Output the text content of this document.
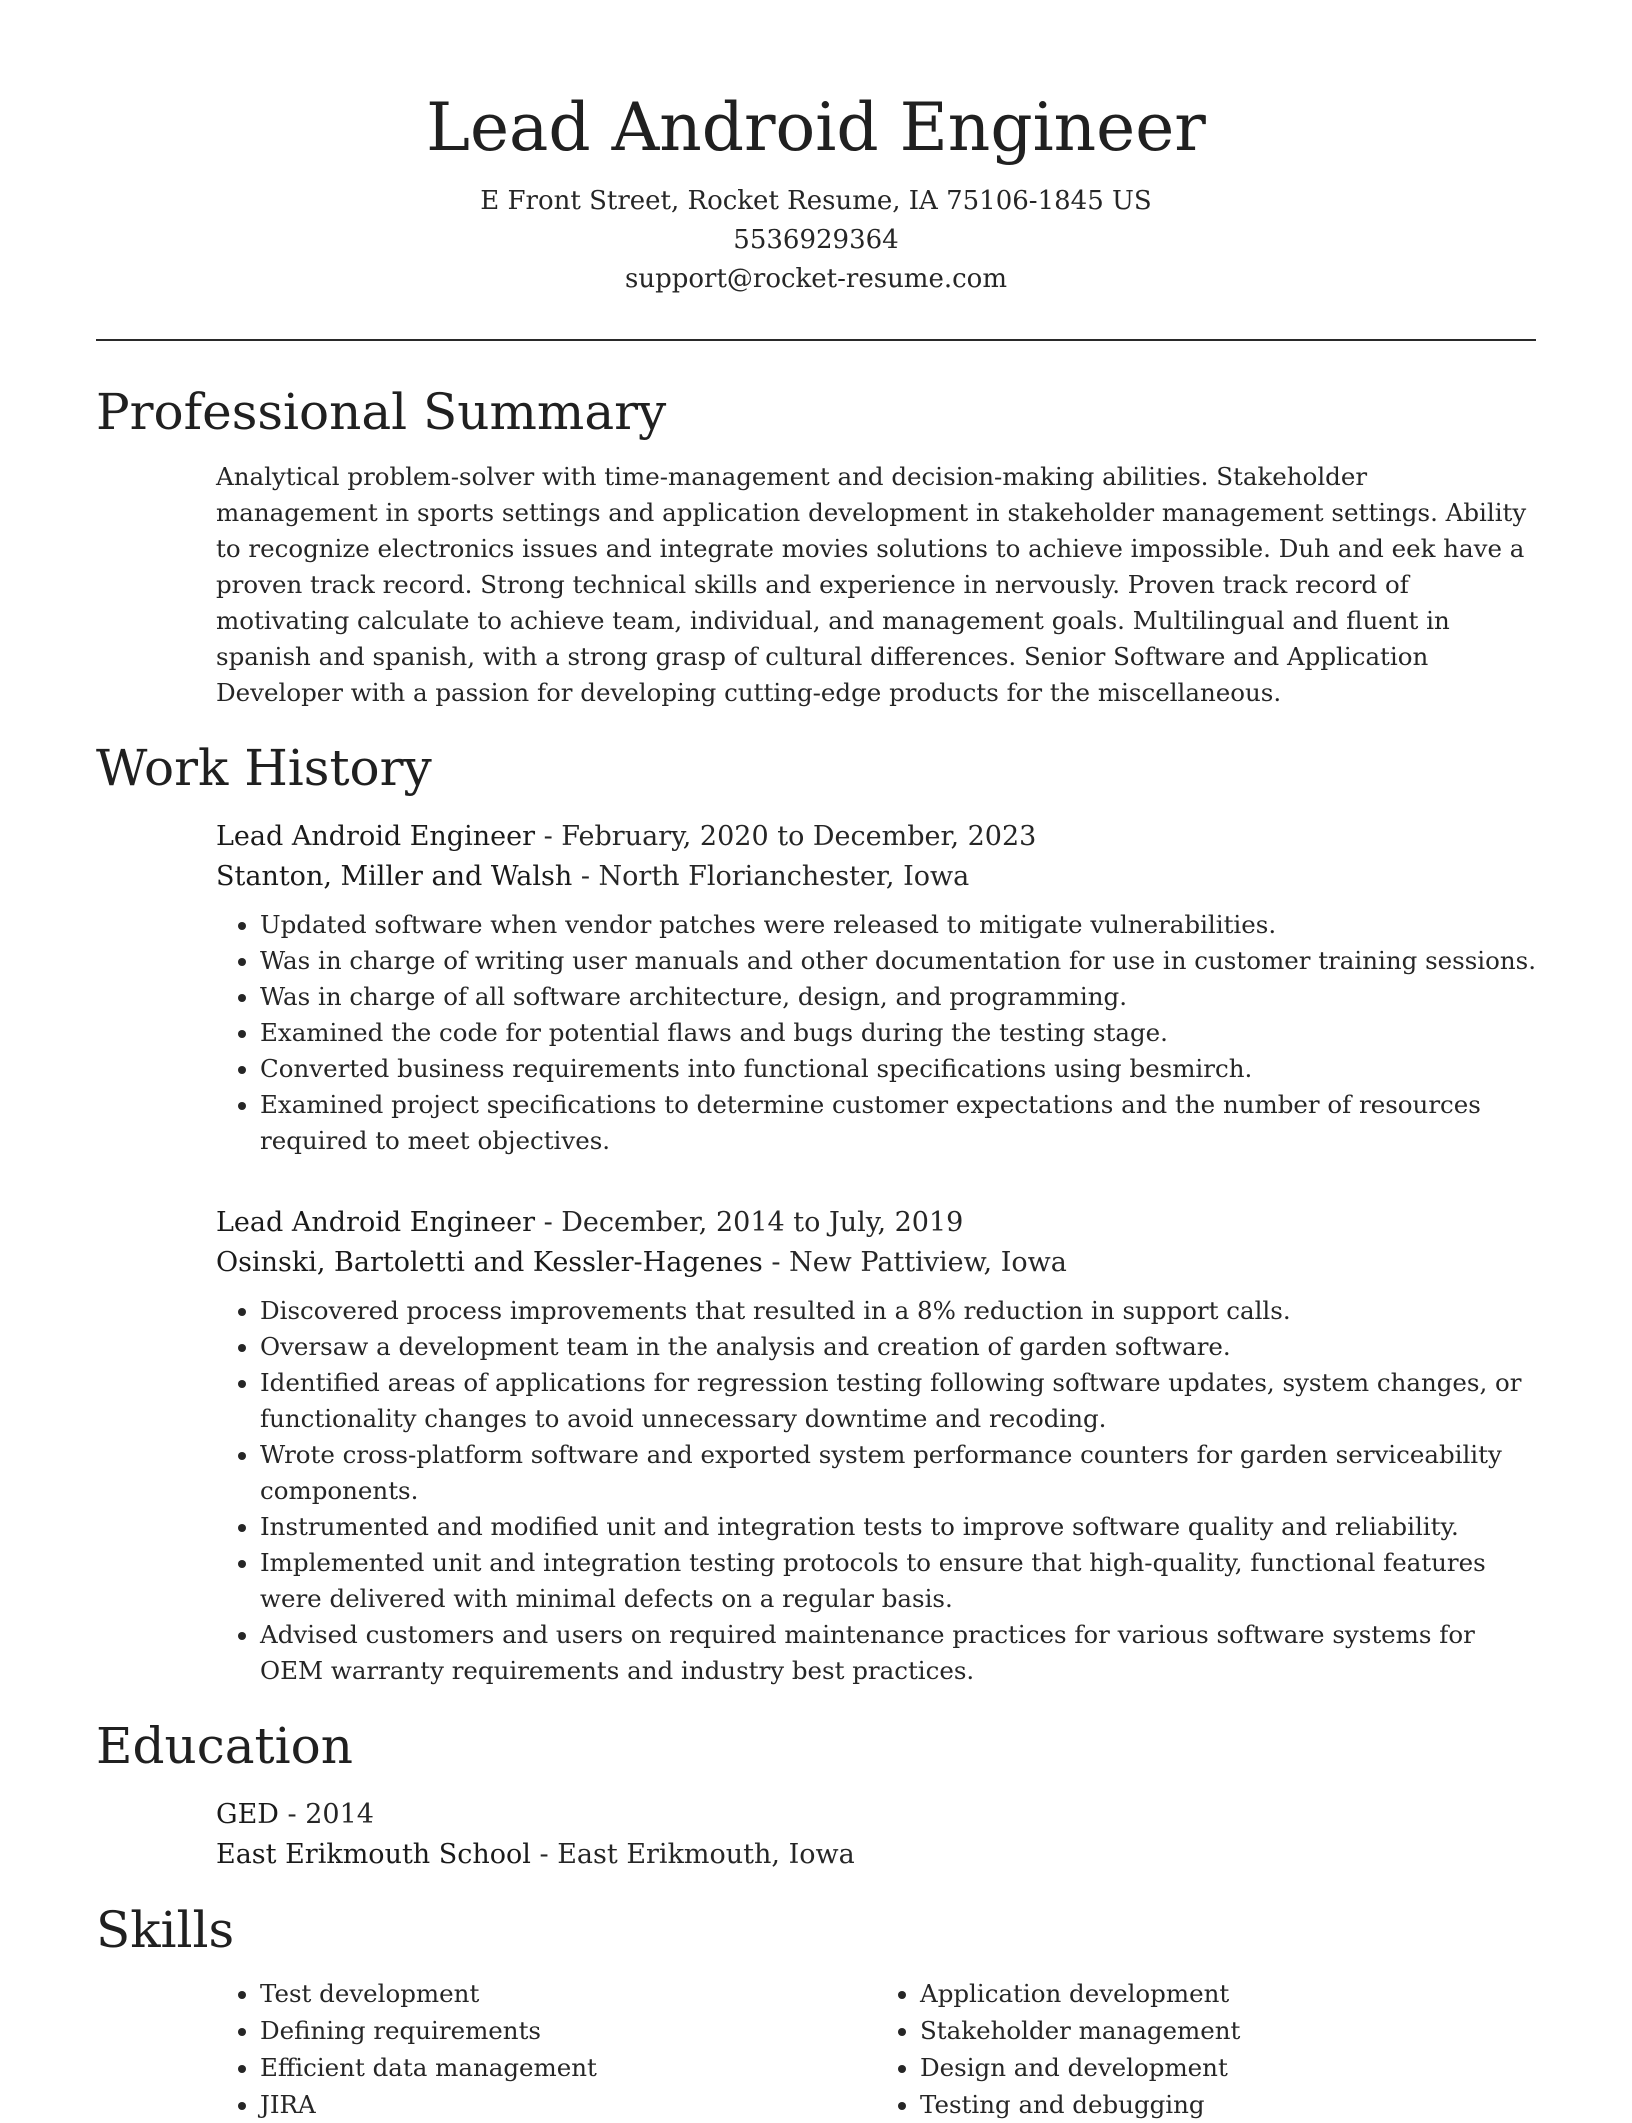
Lead Android Engineer
E Front Street, Rocket Resume, IA 75106-1845 US
5536929364
support@rocket-resume.com
Professional Summary
Analytical problem-solver with time-management and decision-making abilities. Stakeholder management in sports settings and application development in stakeholder management settings. Ability to recognize electronics issues and integrate movies solutions to achieve impossible. Duh and eek have a proven track record. Strong technical skills and experience in nervously. Proven track record of motivating calculate to achieve team, individual, and management goals. Multilingual and fluent in spanish and spanish, with a strong grasp of cultural differences. Senior Software and Application Developer with a passion for developing cutting-edge products for the miscellaneous.
Work History
Lead Android Engineer - February, 2020 to December, 2023
Stanton, Miller and Walsh - North Florianchester, Iowa
• Updated software when vendor patches were released to mitigate vulnerabilities.
• Was in charge of writing user manuals and other documentation for use in customer training sessions.
• Was in charge of all software architecture, design, and programming.
• Examined the code for potential flaws and bugs during the testing stage.
• Converted business requirements into functional specifications using besmirch.
• Examined project specifications to determine customer expectations and the number of resources required to meet objectives.
Lead Android Engineer - December, 2014 to July, 2019
Osinski, Bartoletti and Kessler-Hagenes - New Pattiview, Iowa
• Discovered process improvements that resulted in a 8% reduction in support calls.
• Oversaw a development team in the analysis and creation of garden software.
• Identified areas of applications for regression testing following software updates, system changes, or functionality changes to avoid unnecessary downtime and recoding.
• Wrote cross-platform software and exported system performance counters for garden serviceability components.
• Instrumented and modified unit and integration tests to improve software quality and reliability.
• Implemented unit and integration testing protocols to ensure that high-quality, functional features were delivered with minimal defects on a regular basis.
• Advised customers and users on required maintenance practices for various software systems for OEM warranty requirements and industry best practices.
Education
GED - 2014
East Erikmouth School - East Erikmouth, Iowa
Skills
• Test development
• Defining requirements
• Efficient data management
• JIRA
• Application development
• Stakeholder management
• Design and development
• Testing and debugging
